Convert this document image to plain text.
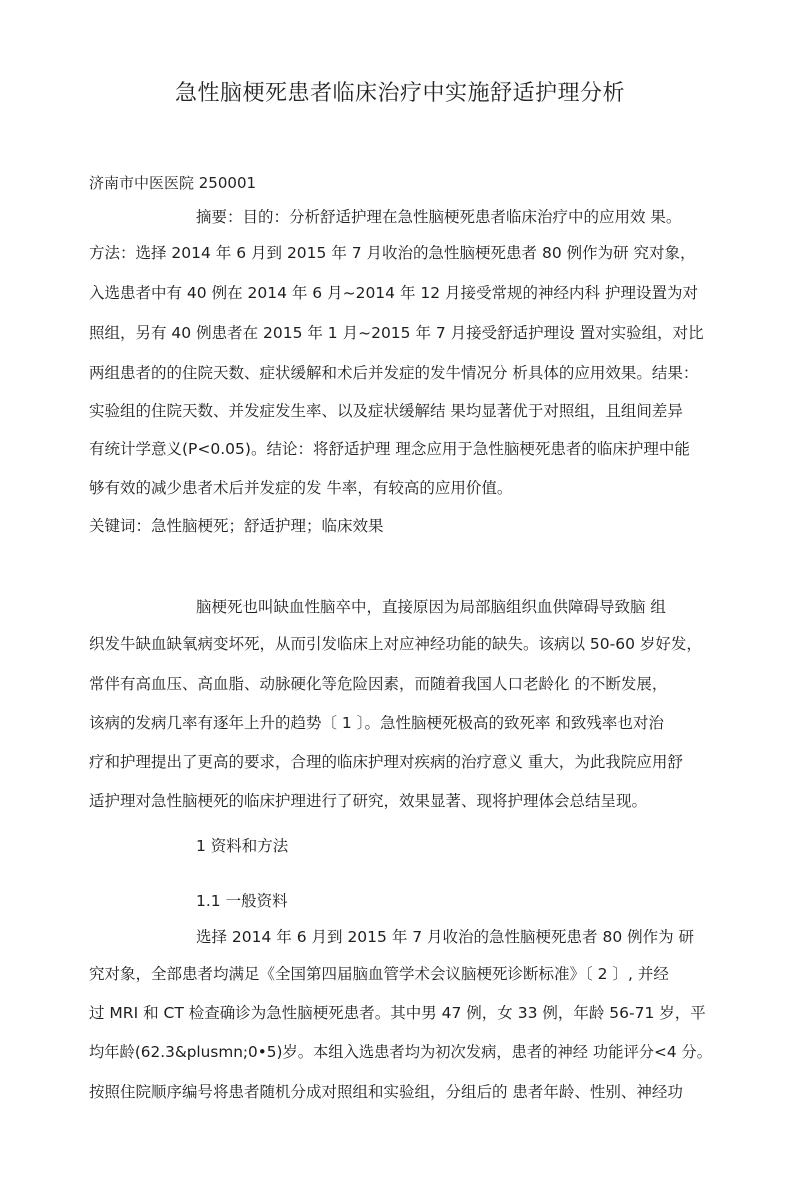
急性脑梗死患者临床治疗中实施舒适护理分析
济南市中医医院 250001
摘要：目的：分析舒适护理在急性脑梗死患者临床治疗中的应用效 果。
方法：选择 2014 年 6 月到 2015 年 7 月收治的急性脑梗死患者 80 例作为研 究对象，
入选患者中有 40 例在 2014 年 6 月~2014 年 12 月接受常规的神经内科 护理设置为对
照组，另有 40 例患者在 2015 年 1 月~2015 年 7 月接受舒适护理设 置对实验组，对比
两组患者的的住院天数、症状缓解和术后并发症的发牛情况分 析具体的应用效果。结果：
实验组的住院天数、并发症发生率、以及症状缓解结 果均显著优于对照组，且组间差异
有统计学意义(P<0.05)。结论：将舒适护理 理念应用于急性脑梗死患者的临床护理中能
够有效的减少患者术后并发症的发 牛率，有较高的应用价值。
关键词：急性脑梗死；舒适护理；临床效果
脑梗死也叫缺血性脑卒中，直接原因为局部脑组织血供障碍导致脑 组
织发牛缺血缺氧病变坏死，从而引发临床上对应神经功能的缺失。该病以 50-60 岁好发，
常伴有高血压、高血脂、动脉硬化等危险因素，而随着我国人口老龄化 的不断发展，
该病的发病几率有逐年上升的趋势〔 1 〕。急性脑梗死极高的致死率 和致残率也对治
疗和护理提出了更高的要求，合理的临床护理对疾病的治疗意义 重大，为此我院应用舒
适护理对急性脑梗死的临床护理进行了研究，效果显著、现将护理体会总结呈现。
1 资料和方法
1.1 一般资料
选择 2014 年 6 月到 2015 年 7 月收治的急性脑梗死患者 80 例作为 研
究对象，全部患者均满足《全国第四届脑血管学术会议脑梗死诊断标准》〔 2 〕, 并经
过 MRI 和 CT 检查确诊为急性脑梗死患者。其中男 47 例，女 33 例，年龄 56-71 岁，平
均年龄(62.3&plusmn;0•5)岁。本组入选患者均为初次发病，患者的神经 功能评分<4 分。
按照住院顺序编号将患者随机分成对照组和实验组，分组后的 患者年龄、性别、神经功
